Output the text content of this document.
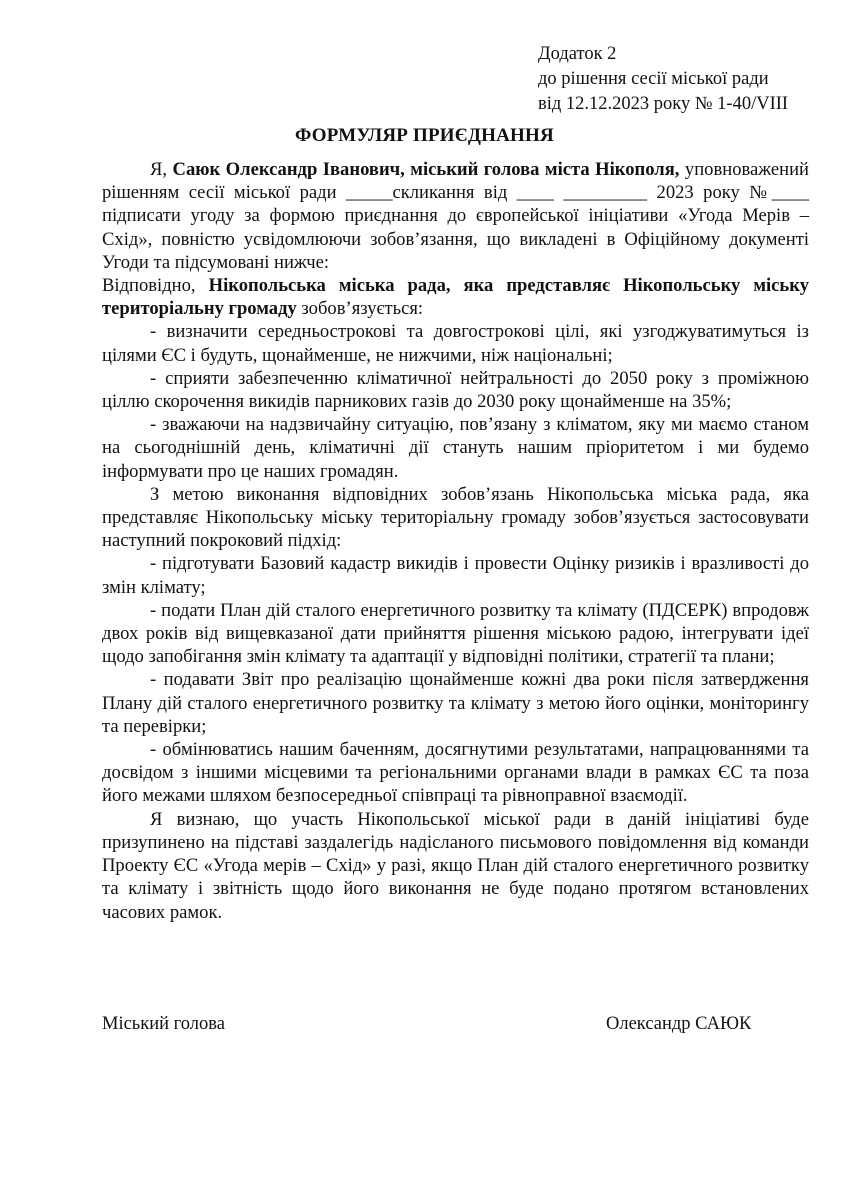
Додаток 2
до рішення сесії міської ради
від 12.12.2023 року № 1-40/VIII
ФОРМУЛЯР ПРИЄДНАННЯ

Я, Саюк Олександр Іванович, міський голова міста Нікополя, уповноважений рішенням сесії міської ради _____скликання від ____ _________ 2023 року №____ підписати угоду за формою приєднання до європейської ініціативи «Угода Мерів – Схід», повністю усвідомлюючи зобов’язання, що викладені в Офіційному документі Угоди та підсумовані нижче:

Відповідно, Нікопольська міська рада, яка представляє Нікопольську міську територіальну громаду зобов’язується:

- визначити середньострокові та довгострокові цілі, які узгоджуватимуться із цілями ЄС і будуть, щонайменше, не нижчими, ніж національні;

- сприяти забезпеченню кліматичної нейтральності до 2050 року з проміжною ціллю скорочення викидів парникових газів до 2030 року щонайменше на 35%;

- зважаючи на надзвичайну ситуацію, пов’язану з кліматом, яку ми маємо станом на сьогоднішній день, кліматичні дії стануть нашим пріоритетом і ми будемо інформувати про це наших громадян.

З метою виконання відповідних зобов’язань Нікопольська міська рада, яка представляє Нікопольську міську територіальну громаду зобов’язується застосовувати наступний покроковий підхід:

- підготувати Базовий кадастр викидів і провести Оцінку ризиків і вразливості до змін клімату;

- подати План дій сталого енергетичного розвитку та клімату (ПДСЕРК) впродовж двох років від вищевказаної дати прийняття рішення міською радою, інтегрувати ідеї щодо запобігання змін клімату та адаптації у відповідні політики, стратегії та плани;

- подавати Звіт про реалізацію щонайменше кожні два роки після затвердження Плану дій сталого енергетичного розвитку та клімату з метою його оцінки, моніторингу та перевірки;

- обмінюватись нашим баченням, досягнутими результатами, напрацюваннями та досвідом з іншими місцевими та регіональними органами влади в рамках ЄС та поза його межами шляхом безпосередньої співпраці та рівноправної взаємодії.

Я визнаю, що участь Нікопольської міської ради в даній ініціативі буде призупинено на підставі заздалегідь надісланого письмового повідомлення від команди Проекту ЄС «Угода мерів – Схід» у разі, якщо План дій сталого енергетичного розвитку та клімату і звітність щодо його виконання не буде подано протягом встановлених часових рамок.

Міський голова	Олександр САЮК
